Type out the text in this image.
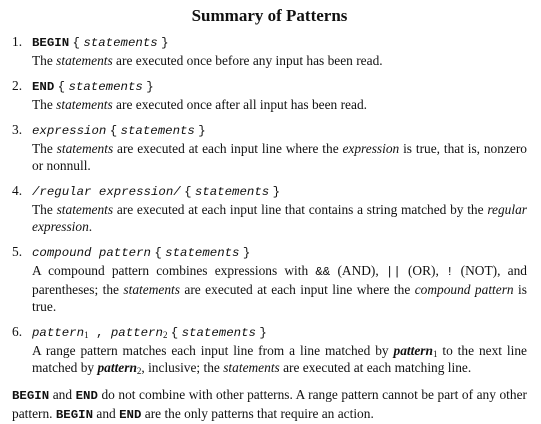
Summary of Patterns
1. BEGIN { statements }
The statements are executed once before any input has been read.
2. END { statements }
The statements are executed once after all input has been read.
3. expression { statements }
The statements are executed at each input line where the expression is true, that is, nonzero or nonnull.
4. /regular expression/ { statements }
The statements are executed at each input line that contains a string matched by the regular expression.
5. compound pattern { statements }
A compound pattern combines expressions with && (AND), || (OR), ! (NOT), and parentheses; the statements are executed at each input line where the compound pattern is true.
6. pattern$_1$ , pattern$_2$ { statements }
A range pattern matches each input line from a line matched by pattern$_1$ to the next line matched by pattern$_2$, inclusive; the statements are executed at each matching line.
BEGIN and END do not combine with other patterns. A range pattern cannot be part of any other pattern. BEGIN and END are the only patterns that require an action.
